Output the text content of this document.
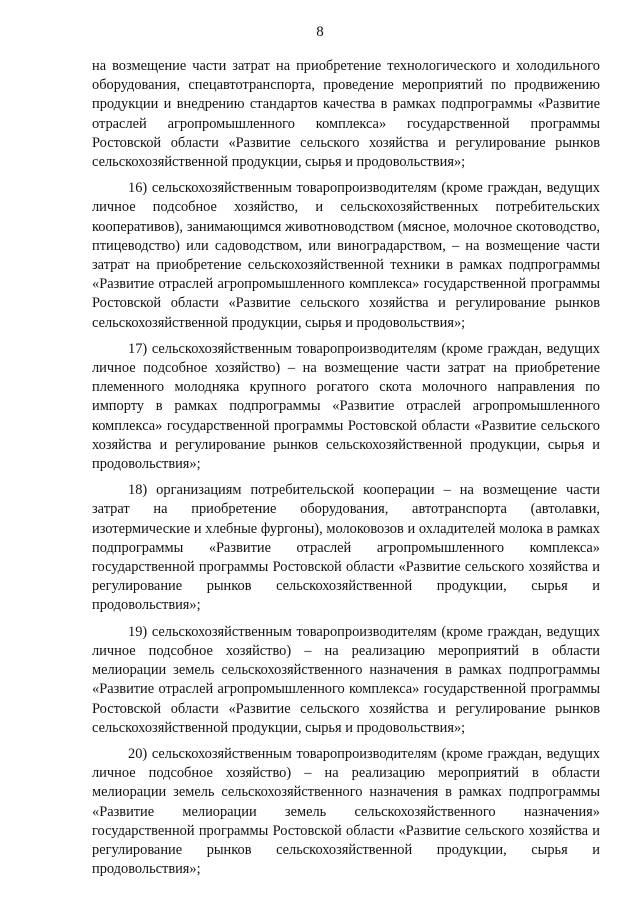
8

на возмещение части затрат на приобретение технологического и холодильного оборудования, спецавтотранспорта, проведение мероприятий по продвижению продукции и внедрению стандартов качества в рамках подпрограммы «Развитие отраслей агропромышленного комплекса» государственной программы Ростовской области «Развитие сельского хозяйства и регулирование рынков сельскохозяйственной продукции, сырья и продовольствия»;

16) сельскохозяйственным товаропроизводителям (кроме граждан, ведущих личное подсобное хозяйство, и сельскохозяйственных потребительских кооперативов), занимающимся животноводством (мясное, молочное скотоводство, птицеводство) или садоводством, или виноградарством, – на возмещение части затрат на приобретение сельскохозяйственной техники в рамках подпрограммы «Развитие отраслей агропромышленного комплекса» государственной программы Ростовской области «Развитие сельского хозяйства и регулирование рынков сельскохозяйственной продукции, сырья и продовольствия»;

17) сельскохозяйственным товаропроизводителям (кроме граждан, ведущих личное подсобное хозяйство) – на возмещение части затрат на приобретение племенного молодняка крупного рогатого скота молочного направления по импорту в рамках подпрограммы «Развитие отраслей агропромышленного комплекса» государственной программы Ростовской области «Развитие сельского хозяйства и регулирование рынков сельскохозяйственной продукции, сырья и продовольствия»;

18) организациям потребительской кооперации – на возмещение части затрат на приобретение оборудования, автотранспорта (автолавки, изотермические и хлебные фургоны), молоковозов и охладителей молока в рамках подпрограммы «Развитие отраслей агропромышленного комплекса» государственной программы Ростовской области «Развитие сельского хозяйства и регулирование рынков сельскохозяйственной продукции, сырья и продовольствия»;

19) сельскохозяйственным товаропроизводителям (кроме граждан, ведущих личное подсобное хозяйство) – на реализацию мероприятий в области мелиорации земель сельскохозяйственного назначения в рамках подпрограммы «Развитие отраслей агропромышленного комплекса» государственной программы Ростовской области «Развитие сельского хозяйства и регулирование рынков сельскохозяйственной продукции, сырья и продовольствия»;

20) сельскохозяйственным товаропроизводителям (кроме граждан, ведущих личное подсобное хозяйство) – на реализацию мероприятий в области мелиорации земель сельскохозяйственного назначения в рамках подпрограммы «Развитие мелиорации земель сельскохозяйственного назначения» государственной программы Ростовской области «Развитие сельского хозяйства и регулирование рынков сельскохозяйственной продукции, сырья и продовольствия»;
